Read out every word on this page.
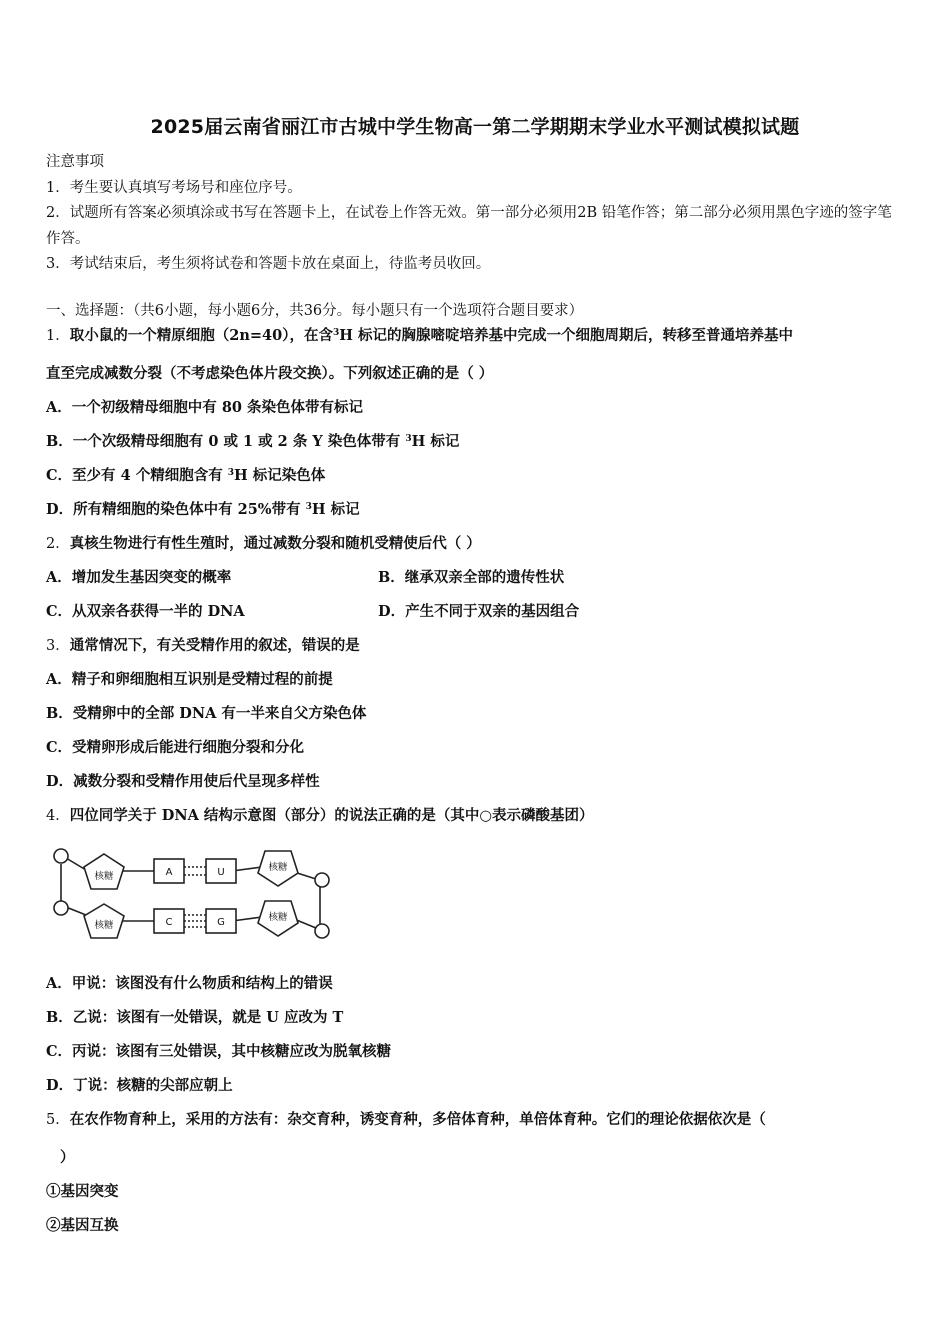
2025届云南省丽江市古城中学生物高一第二学期期末学业水平测试模拟试题
注意事项
1．考生要认真填写考场号和座位序号。
2．试题所有答案必须填涂或书写在答题卡上，在试卷上作答无效。第一部分必须用2B 铅笔作答；第二部分必须用黑色字迹的签字笔作答。
3．考试结束后，考生须将试卷和答题卡放在桌面上，待监考员收回。
一、选择题：（共6小题，每小题6分，共36分。每小题只有一个选项符合题目要求）
1．取小鼠的一个精原细胞（2n=40），在含$^3$H 标记的胸腺嘧啶培养基中完成一个细胞周期后，转移至普通培养基中
直至完成减数分裂（不考虑染色体片段交换）。下列叙述正确的是（ ）
A．一个初级精母细胞中有 80 条染色体带有标记
B．一个次级精母细胞有 0 或 1 或 2 条 Y 染色体带有 $^3$H 标记
C．至少有 4 个精细胞含有 $^3$H 标记染色体
D．所有精细胞的染色体中有 25%带有 $^3$H 标记
2．真核生物进行有性生殖时，通过减数分裂和随机受精使后代（ ）
A．增加发生基因突变的概率	B．继承双亲全部的遗传性状
C．从双亲各获得一半的 DNA	D．产生不同于双亲的基因组合
3．通常情况下，有关受精作用的叙述，错误的是
A．精子和卵细胞相互识别是受精过程的前提
B．受精卵中的全部 DNA 有一半来自父方染色体
C．受精卵形成后能进行细胞分裂和分化
D．减数分裂和受精作用使后代呈现多样性
4．四位同学关于 DNA 结构示意图（部分）的说法正确的是（其中○表示磷酸基团）
A	U
C	G
核糖
核糖
核糖
核糖
A．甲说：该图没有什么物质和结构上的错误
B．乙说：该图有一处错误，就是 U 应改为 T
C．丙说：该图有三处错误，其中核糖应改为脱氧核糖
D．丁说：核糖的尖部应朝上
5．在农作物育种上，采用的方法有：杂交育种，诱变育种，多倍体育种，单倍体育种。它们的理论依据依次是（
）
①基因突变
②基因互换
